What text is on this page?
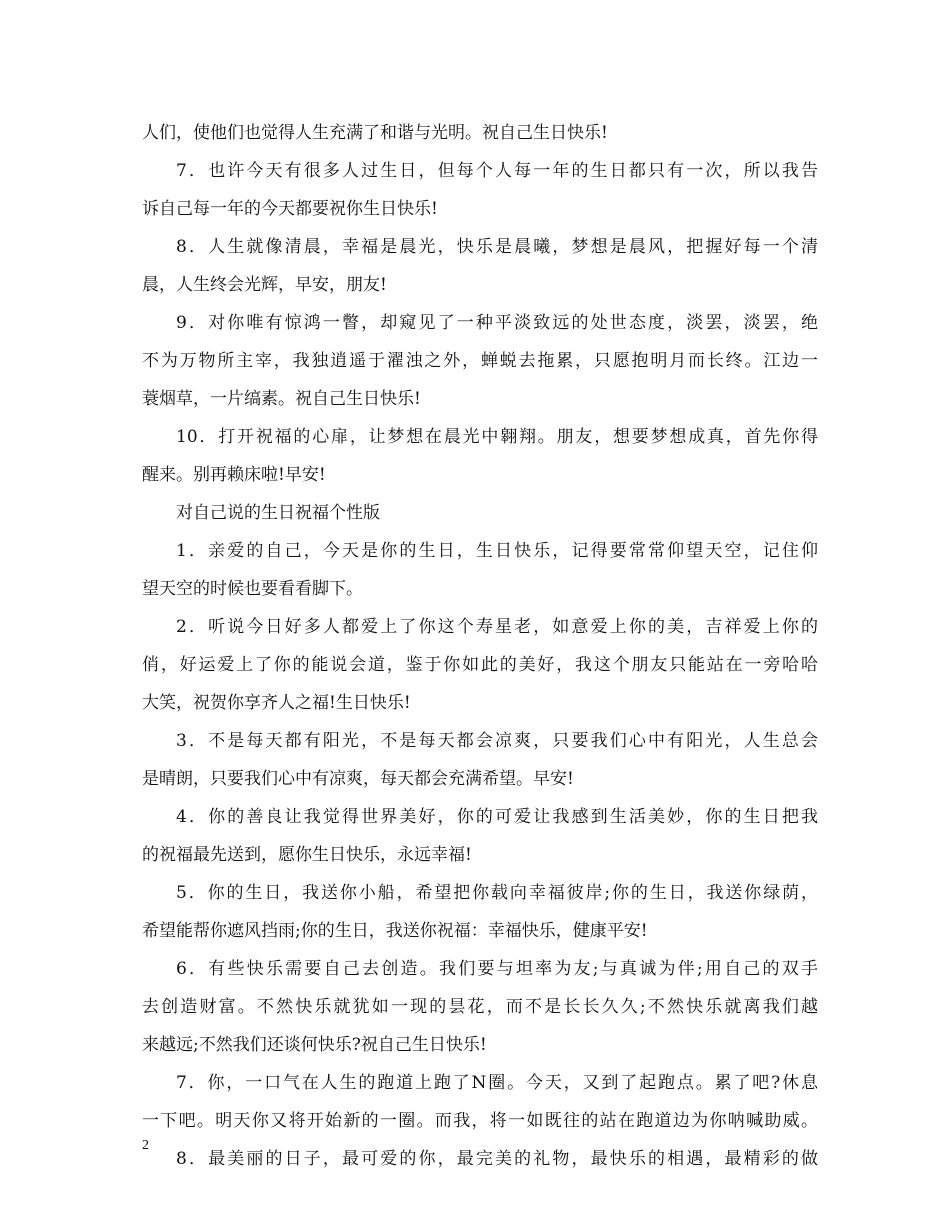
人们，使他们也觉得人生充满了和谐与光明。祝自己生日快乐!
7．也许今天有很多人过生日，但每个人每一年的生日都只有一次，所以我告
诉自己每一年的今天都要祝你生日快乐!
8．人生就像清晨，幸福是晨光，快乐是晨曦，梦想是晨风，把握好每一个清
晨，人生终会光辉，早安，朋友!
9．对你唯有惊鸿一瞥，却窥见了一种平淡致远的处世态度，淡罢，淡罢，绝
不为万物所主宰，我独逍遥于濯浊之外，蝉蜕去拖累，只愿抱明月而长终。江边一
蓑烟草，一片缟素。祝自己生日快乐!
10．打开祝福的心扉，让梦想在晨光中翱翔。朋友，想要梦想成真，首先你得
醒来。别再赖床啦!早安!
对自己说的生日祝福个性版
1．亲爱的自己，今天是你的生日，生日快乐，记得要常常仰望天空，记住仰
望天空的时候也要看看脚下。
2．听说今日好多人都爱上了你这个寿星老，如意爱上你的美，吉祥爱上你的
俏，好运爱上了你的能说会道，鉴于你如此的美好，我这个朋友只能站在一旁哈哈
大笑，祝贺你享齐人之福!生日快乐!
3．不是每天都有阳光，不是每天都会凉爽，只要我们心中有阳光，人生总会
是晴朗，只要我们心中有凉爽，每天都会充满希望。早安!
4．你的善良让我觉得世界美好，你的可爱让我感到生活美妙，你的生日把我
的祝福最先送到，愿你生日快乐，永远幸福!
5．你的生日，我送你小船，希望把你载向幸福彼岸;你的生日，我送你绿荫，
希望能帮你遮风挡雨;你的生日，我送你祝福：幸福快乐，健康平安!
6．有些快乐需要自己去创造。我们要与坦率为友;与真诚为伴;用自己的双手
去创造财富。不然快乐就犹如一现的昙花，而不是长长久久;不然快乐就离我们越
来越远;不然我们还谈何快乐?祝自己生日快乐!
7．你，一口气在人生的跑道上跑了N圈。今天，又到了起跑点。累了吧?休息
一下吧。明天你又将开始新的一圈。而我，将一如既往的站在跑道边为你呐喊助威。
8．最美丽的日子，最可爱的你，最完美的礼物，最快乐的相遇，最精彩的做
2
